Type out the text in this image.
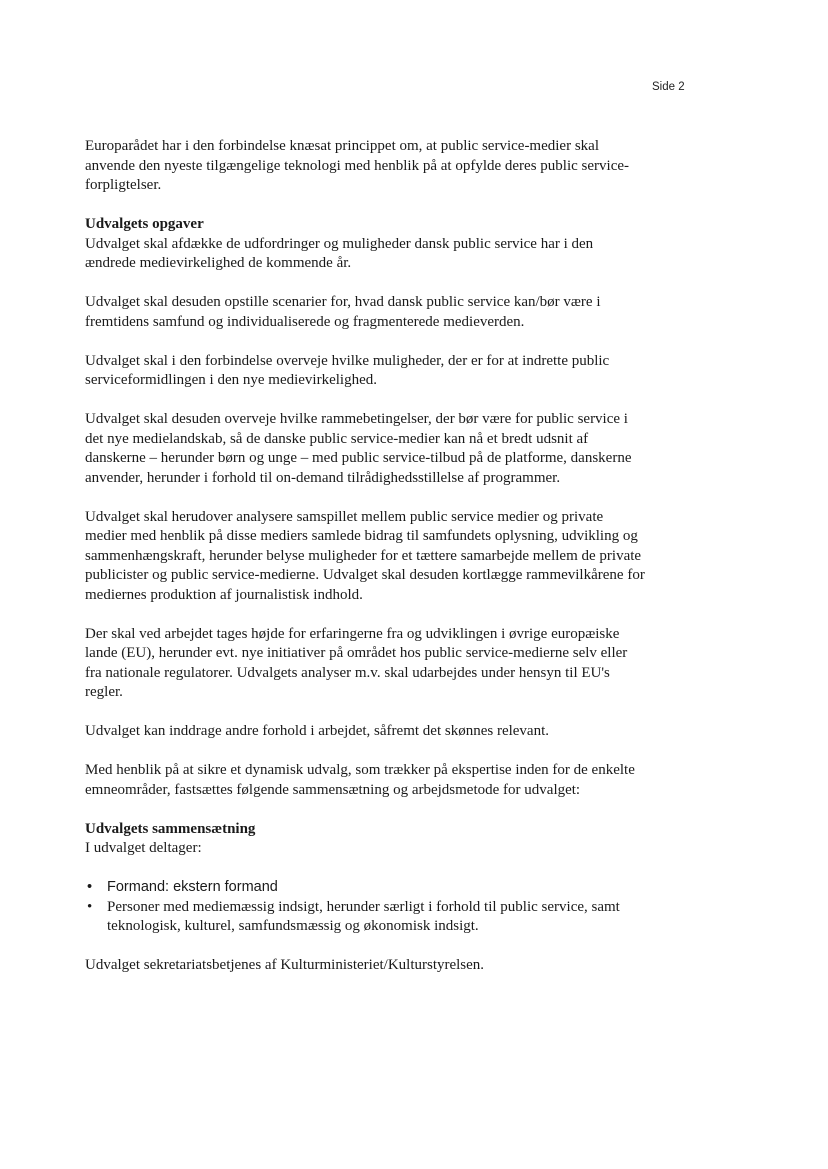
Side 2

Europarådet har i den forbindelse knæsat princippet om, at public service-medier skal anvende den nyeste tilgængelige teknologi med henblik på at opfylde deres public service-forpligtelser.

Udvalgets opgaver

Udvalget skal afdække de udfordringer og muligheder dansk public service har i den ændrede medievirkelighed de kommende år.

Udvalget skal desuden opstille scenarier for, hvad dansk public service kan/bør være i fremtidens samfund og individualiserede og fragmenterede medieverden.

Udvalget skal i den forbindelse overveje hvilke muligheder, der er for at indrette public serviceformidlingen i den nye medievirkelighed.

Udvalget skal desuden overveje hvilke rammebetingelser, der bør være for public service i det nye medielandskab, så de danske public service-medier kan nå et bredt udsnit af danskerne – herunder børn og unge – med public service-tilbud på de platforme, danskerne anvender, herunder i forhold til on-demand tilrådighedsstillelse af programmer.

Udvalget skal herudover analysere samspillet mellem public service medier og private medier med henblik på disse mediers samlede bidrag til samfundets oplysning, udvikling og sammenhængskraft, herunder belyse muligheder for et tættere samarbejde mellem de private publicister og public service-medierne. Udvalget skal desuden kortlægge rammevilkårene for mediernes produktion af journalistisk indhold.

Der skal ved arbejdet tages højde for erfaringerne fra og udviklingen i øvrige europæiske lande (EU), herunder evt. nye initiativer på området hos public service-medierne selv eller fra nationale regulatorer. Udvalgets analyser m.v. skal udarbejdes under hensyn til EU's regler.

Udvalget kan inddrage andre forhold i arbejdet, såfremt det skønnes relevant.

Med henblik på at sikre et dynamisk udvalg, som trækker på ekspertise inden for de enkelte emneområder, fastsættes følgende sammensætning og arbejdsmetode for udvalget:

Udvalgets sammensætning

I udvalget deltager:

• Formand: ekstern formand
• Personer med mediemæssig indsigt, herunder særligt i forhold til public service, samt teknologisk, kulturel, samfundsmæssig og økonomisk indsigt.

Udvalget sekretariatsbetjenes af Kulturministeriet/Kulturstyrelsen.
